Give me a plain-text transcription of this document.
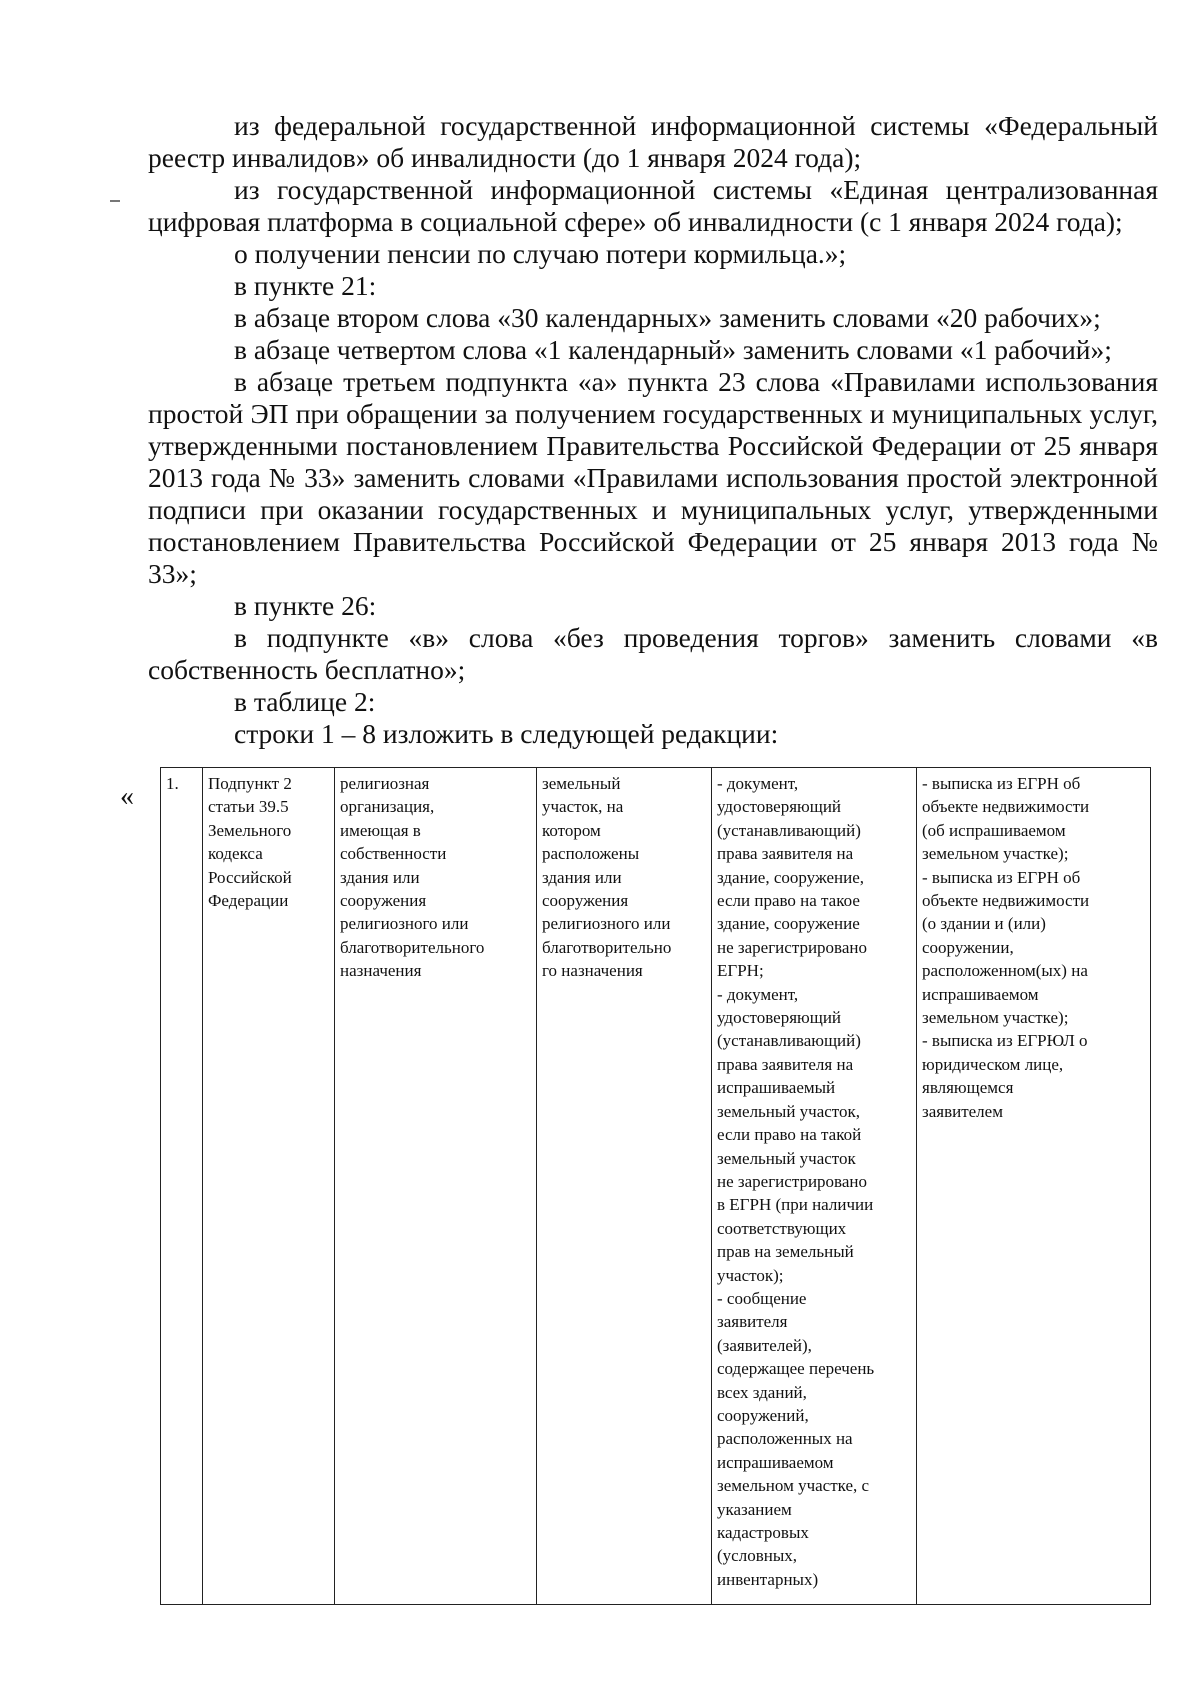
из федеральной государственной информационной системы «Федеральный реестр инвалидов» об инвалидности (до 1 января 2024 года);

из государственной информационной системы «Единая централизованная цифровая платформа в социальной сфере» об инвалидности (с 1 января 2024 года);

о получении пенсии по случаю потери кормильца.»;

в пункте 21:

в абзаце втором слова «30 календарных» заменить словами «20 рабочих»;

в абзаце четвертом слова «1 календарный» заменить словами «1 рабочий»;

в абзаце третьем подпункта «а» пункта 23 слова «Правилами использования простой ЭП при обращении за получением государственных и муниципальных услуг, утвержденными постановлением Правительства Российской Федерации от 25 января 2013 года № 33» заменить словами «Правилами использования простой электронной подписи при оказании государственных и муниципальных услуг, утвержденными постановлением Правительства Российской Федерации от 25 января 2013 года № 33»;

в пункте 26:

в подпункте «в» слова «без проведения торгов» заменить словами «в собственность бесплатно»;

в таблице 2:

строки 1 – 8 изложить в следующей редакции:

« 1.	Подпункт 2
статьи 39.5
Земельного
кодекса
Российской
Федерации

религиозная
организация,
имеющая в
собственности
здания или
сооружения
религиозного или
благотворительного
назначения

земельный
участок, на
котором
расположены
здания или
сооружения
религиозного или
благотворительно
го назначения

- документ,
удостоверяющий
(устанавливающий)
права заявителя на
здание, сооружение,
если право на такое
здание, сооружение
не зарегистрировано
ЕГРН;
- документ,
удостоверяющий
(устанавливающий)
права заявителя на
испрашиваемый
земельный участок,
если право на такой
земельный участок
не зарегистрировано
в ЕГРН (при наличии
соответствующих
прав на земельный
участок);
- сообщение
заявителя
(заявителей),
содержащее перечень
всех зданий,
сооружений,
расположенных на
испрашиваемом
земельном участке, с
указанием
кадастровых
(условных,
инвентарных)

- выписка из ЕГРН об
объекте недвижимости
(об испрашиваемом
земельном участке);
- выписка из ЕГРН об
объекте недвижимости
(о здании и (или)
сооружении,
расположенном(ых) на
испрашиваемом
земельном участке);
- выписка из ЕГРЮЛ о
юридическом лице,
являющемся
заявителем
